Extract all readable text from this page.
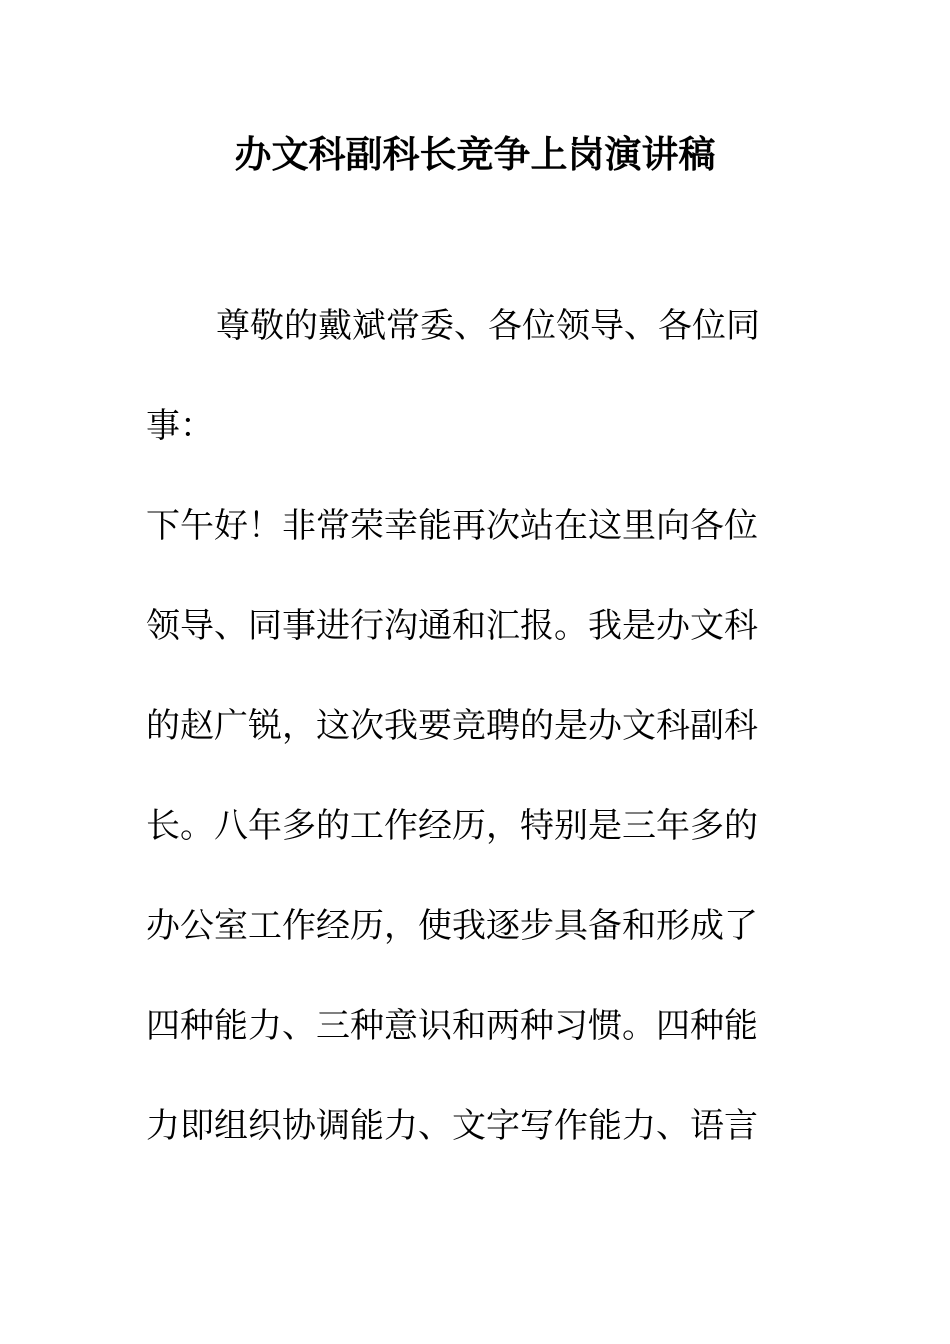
办文科副科长竞争上岗演讲稿

尊敬的戴斌常委、各位领导、各位同

事：

下午好！非常荣幸能再次站在这里向各位

领导、同事进行沟通和汇报。我是办文科

的赵广锐，这次我要竞聘的是办文科副科

长。八年多的工作经历，特别是三年多的

办公室工作经历，使我逐步具备和形成了

四种能力、三种意识和两种习惯。四种能

力即组织协调能力、文字写作能力、语言
